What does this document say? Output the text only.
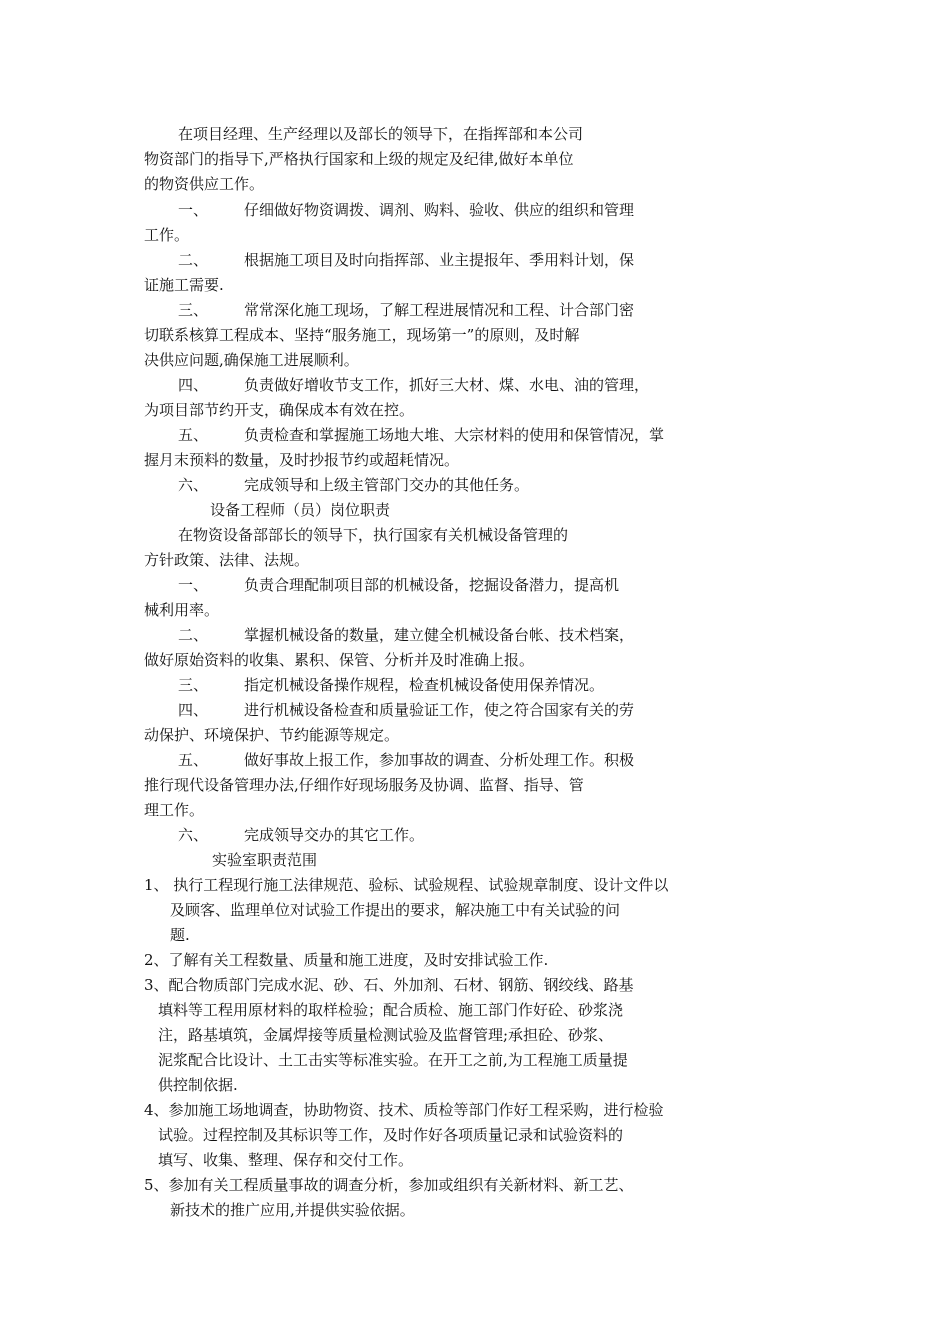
在项目经理、生产经理以及部长的领导下，在指挥部和本公司
物资部门的指导下,严格执行国家和上级的规定及纪律,做好本单位
的物资供应工作。
一、 仔细做好物资调拨、调剂、购料、验收、供应的组织和管理
工作。
二、 根据施工项目及时向指挥部、业主提报年、季用料计划，保
证施工需要.
三、 常常深化施工现场，了解工程进展情况和工程、计合部门密
切联系核算工程成本、坚持“服务施工，现场第一”的原则，及时解
决供应问题,确保施工进展顺利。
四、 负责做好增收节支工作，抓好三大材、煤、水电、油的管理，
为项目部节约开支，确保成本有效在控。
五、 负责检查和掌握施工场地大堆、大宗材料的使用和保管情况，掌
握月末预料的数量，及时抄报节约或超耗情况。
六、 完成领导和上级主管部门交办的其他任务。
设备工程师（员）岗位职责
在物资设备部部长的领导下，执行国家有关机械设备管理的
方针政策、法律、法规。
一、 负责合理配制项目部的机械设备，挖掘设备潜力，提高机
械利用率。
二、 掌握机械设备的数量，建立健全机械设备台帐、技术档案，
做好原始资料的收集、累积、保管、分析并及时准确上报。
三、 指定机械设备操作规程，检查机械设备使用保养情况。
四、 进行机械设备检查和质量验证工作，使之符合国家有关的劳
动保护、环境保护、节约能源等规定。
五、 做好事故上报工作，参加事故的调查、分析处理工作。积极
推行现代设备管理办法,仔细作好现场服务及协调、监督、指导、管
理工作。
六、 完成领导交办的其它工作。
实验室职责范围
1、 执行工程现行施工法律规范、验标、试验规程、试验规章制度、设计文件以
及顾客、监理单位对试验工作提出的要求，解决施工中有关试验的问
题.
2、了解有关工程数量、质量和施工进度，及时安排试验工作.
3、配合物质部门完成水泥、砂、石、外加剂、石材、钢筋、钢绞线、路基
填料等工程用原材料的取样检验；配合质检、施工部门作好砼、砂浆浇
注，路基填筑，金属焊接等质量检测试验及监督管理;承担砼、砂浆、
泥浆配合比设计、土工击实等标准实验。在开工之前,为工程施工质量提
供控制依据.
4、参加施工场地调查，协助物资、技术、质检等部门作好工程采购，进行检验
试验。过程控制及其标识等工作，及时作好各项质量记录和试验资料的
填写、收集、整理、保存和交付工作。
5、参加有关工程质量事故的调查分析，参加或组织有关新材料、新工艺、
新技术的推广应用,并提供实验依据。
